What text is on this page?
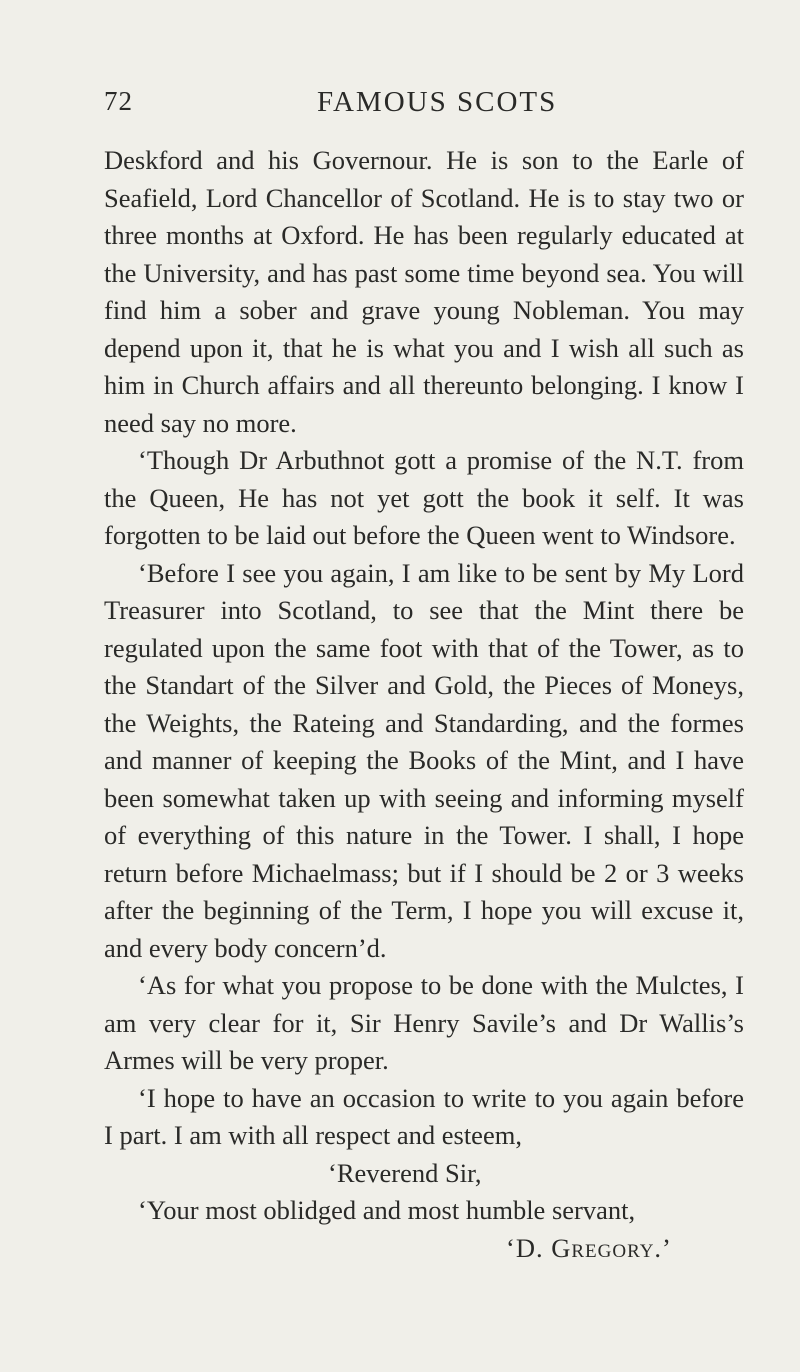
72	FAMOUS SCOTS

Deskford and his Governour. He is son to the Earle of Seafield, Lord Chancellor of Scotland. He is to stay two or three months at Oxford. He has been regularly educated at the University, and has past some time beyond sea. You will find him a sober and grave young Nobleman. You may depend upon it, that he is what you and I wish all such as him in Church affairs and all thereunto belonging. I know I need say no more.

‘Though Dr Arbuthnot gott a promise of the N.T. from the Queen, He has not yet gott the book it self. It was forgotten to be laid out before the Queen went to Windsore.

‘Before I see you again, I am like to be sent by My Lord Treasurer into Scotland, to see that the Mint there be regulated upon the same foot with that of the Tower, as to the Standart of the Silver and Gold, the Pieces of Moneys, the Weights, the Rateing and Standarding, and the formes and manner of keeping the Books of the Mint, and I have been somewhat taken up with seeing and informing myself of everything of this nature in the Tower. I shall, I hope return before Michaelmass; but if I should be 2 or 3 weeks after the beginning of the Term, I hope you will excuse it, and every body concern’d.

‘As for what you propose to be done with the Mulctes, I am very clear for it, Sir Henry Savile’s and Dr Wallis’s Armes will be very proper.

‘I hope to have an occasion to write to you again before I part. I am with all respect and esteem,

‘Reverend Sir,

‘Your most oblidged and most humble servant,

‘D. Gregory.’
